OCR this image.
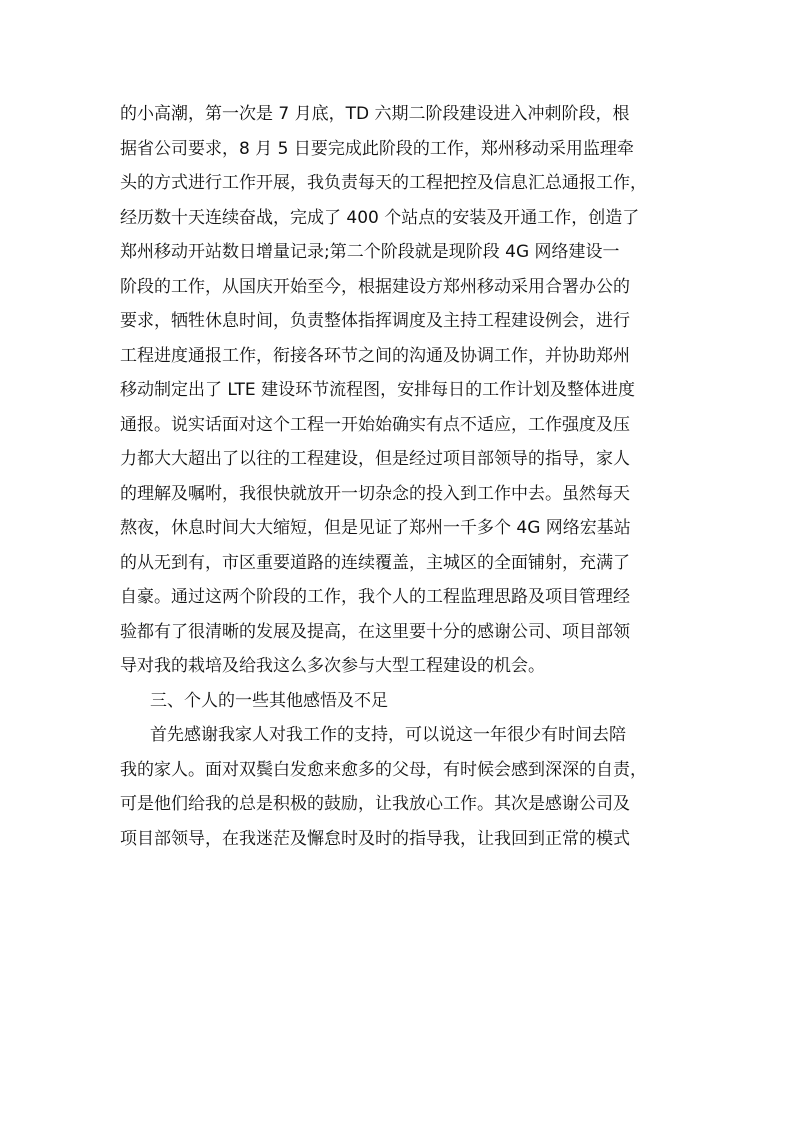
的小高潮，第一次是 7 月底，TD 六期二阶段建设进入冲刺阶段，根
据省公司要求，8 月 5 日要完成此阶段的工作，郑州移动采用监理牵
头的方式进行工作开展，我负责每天的工程把控及信息汇总通报工作，
经历数十天连续奋战，完成了 400 个站点的安装及开通工作，创造了
郑州移动开站数日增量记录;第二个阶段就是现阶段 4G 网络建设一
阶段的工作，从国庆开始至今，根据建设方郑州移动采用合署办公的
要求，牺牲休息时间，负责整体指挥调度及主持工程建设例会，进行
工程进度通报工作，衔接各环节之间的沟通及协调工作，并协助郑州
移动制定出了 LTE 建设环节流程图，安排每日的工作计划及整体进度
通报。说实话面对这个工程一开始始确实有点不适应，工作强度及压
力都大大超出了以往的工程建设，但是经过项目部领导的指导，家人
的理解及嘱咐，我很快就放开一切杂念的投入到工作中去。虽然每天
熬夜，休息时间大大缩短，但是见证了郑州一千多个 4G 网络宏基站
的从无到有，市区重要道路的连续覆盖，主城区的全面铺射，充满了
自豪。通过这两个阶段的工作，我个人的工程监理思路及项目管理经
验都有了很清晰的发展及提高，在这里要十分的感谢公司、项目部领
导对我的栽培及给我这么多次参与大型工程建设的机会。
三、个人的一些其他感悟及不足
首先感谢我家人对我工作的支持，可以说这一年很少有时间去陪
我的家人。面对双鬓白发愈来愈多的父母，有时候会感到深深的自责，
可是他们给我的总是积极的鼓励，让我放心工作。其次是感谢公司及
项目部领导，在我迷茫及懈怠时及时的指导我，让我回到正常的模式
